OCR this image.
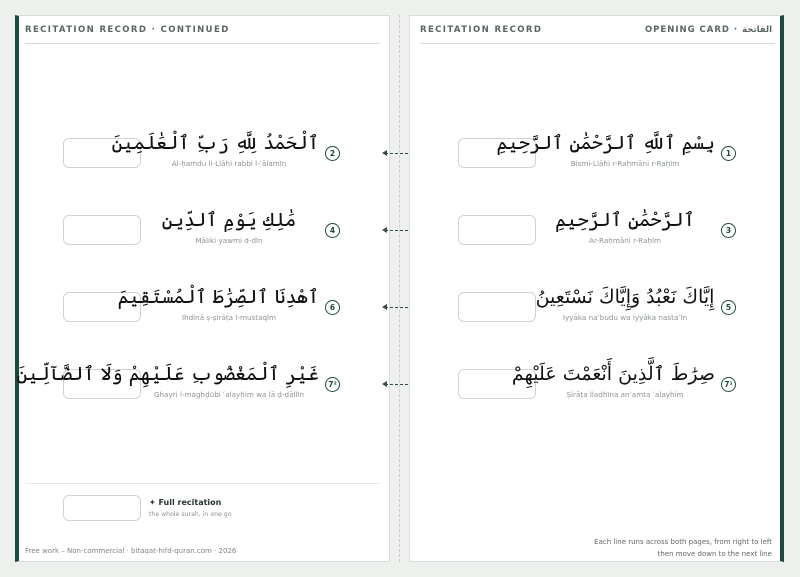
RECITATION RECORD · CONTINUED
ٱلْحَمْدُ لِلَّهِ رَبِّ ٱلْعَٰلَمِينَ
Al-ḥamdu li-Llāhi rabbi l-ʿālamīn
2
مَٰلِكِ يَوْمِ ٱلدِّينِ
Māliki yawmi d-dīn
4
ٱهْدِنَا ٱلصِّرَٰطَ ٱلْمُسْتَقِيمَ
Ihdinā ṣ-ṣirāṭa l-mustaqīm
6
غَيْرِ ٱلْمَغْضُوبِ عَلَيْهِمْ وَلَا ٱلضَّآلِّينَ
Ghayri l-maghḍūbi ʿalayhim wa lā ḍ-ḍāllīn
7²
✦ Full recitation
the whole surah, in one go
Free work – Non-commercial · bitaqat-hifd-quran.com · 2026
RECITATION RECORD	OPENING CARD · الفاتحة
بِسْمِ ٱللَّهِ ٱلرَّحْمَٰنِ ٱلرَّحِيمِ
Bismi-Llāhi r-Raḥmāni r-Raḥīm
1
ٱلرَّحْمَٰنِ ٱلرَّحِيمِ
Ar-Raḥmāni r-Raḥīm
3
إِيَّاكَ نَعْبُدُ وَإِيَّاكَ نَسْتَعِينُ
Iyyāka naʿbudu wa iyyāka nastaʿīn
5
صِرَٰطَ ٱلَّذِينَ أَنْعَمْتَ عَلَيْهِمْ
Ṣirāṭa lladhīna anʿamta ʿalayhim
7¹
Each line runs across both pages, from right to left
then move down to the next line
